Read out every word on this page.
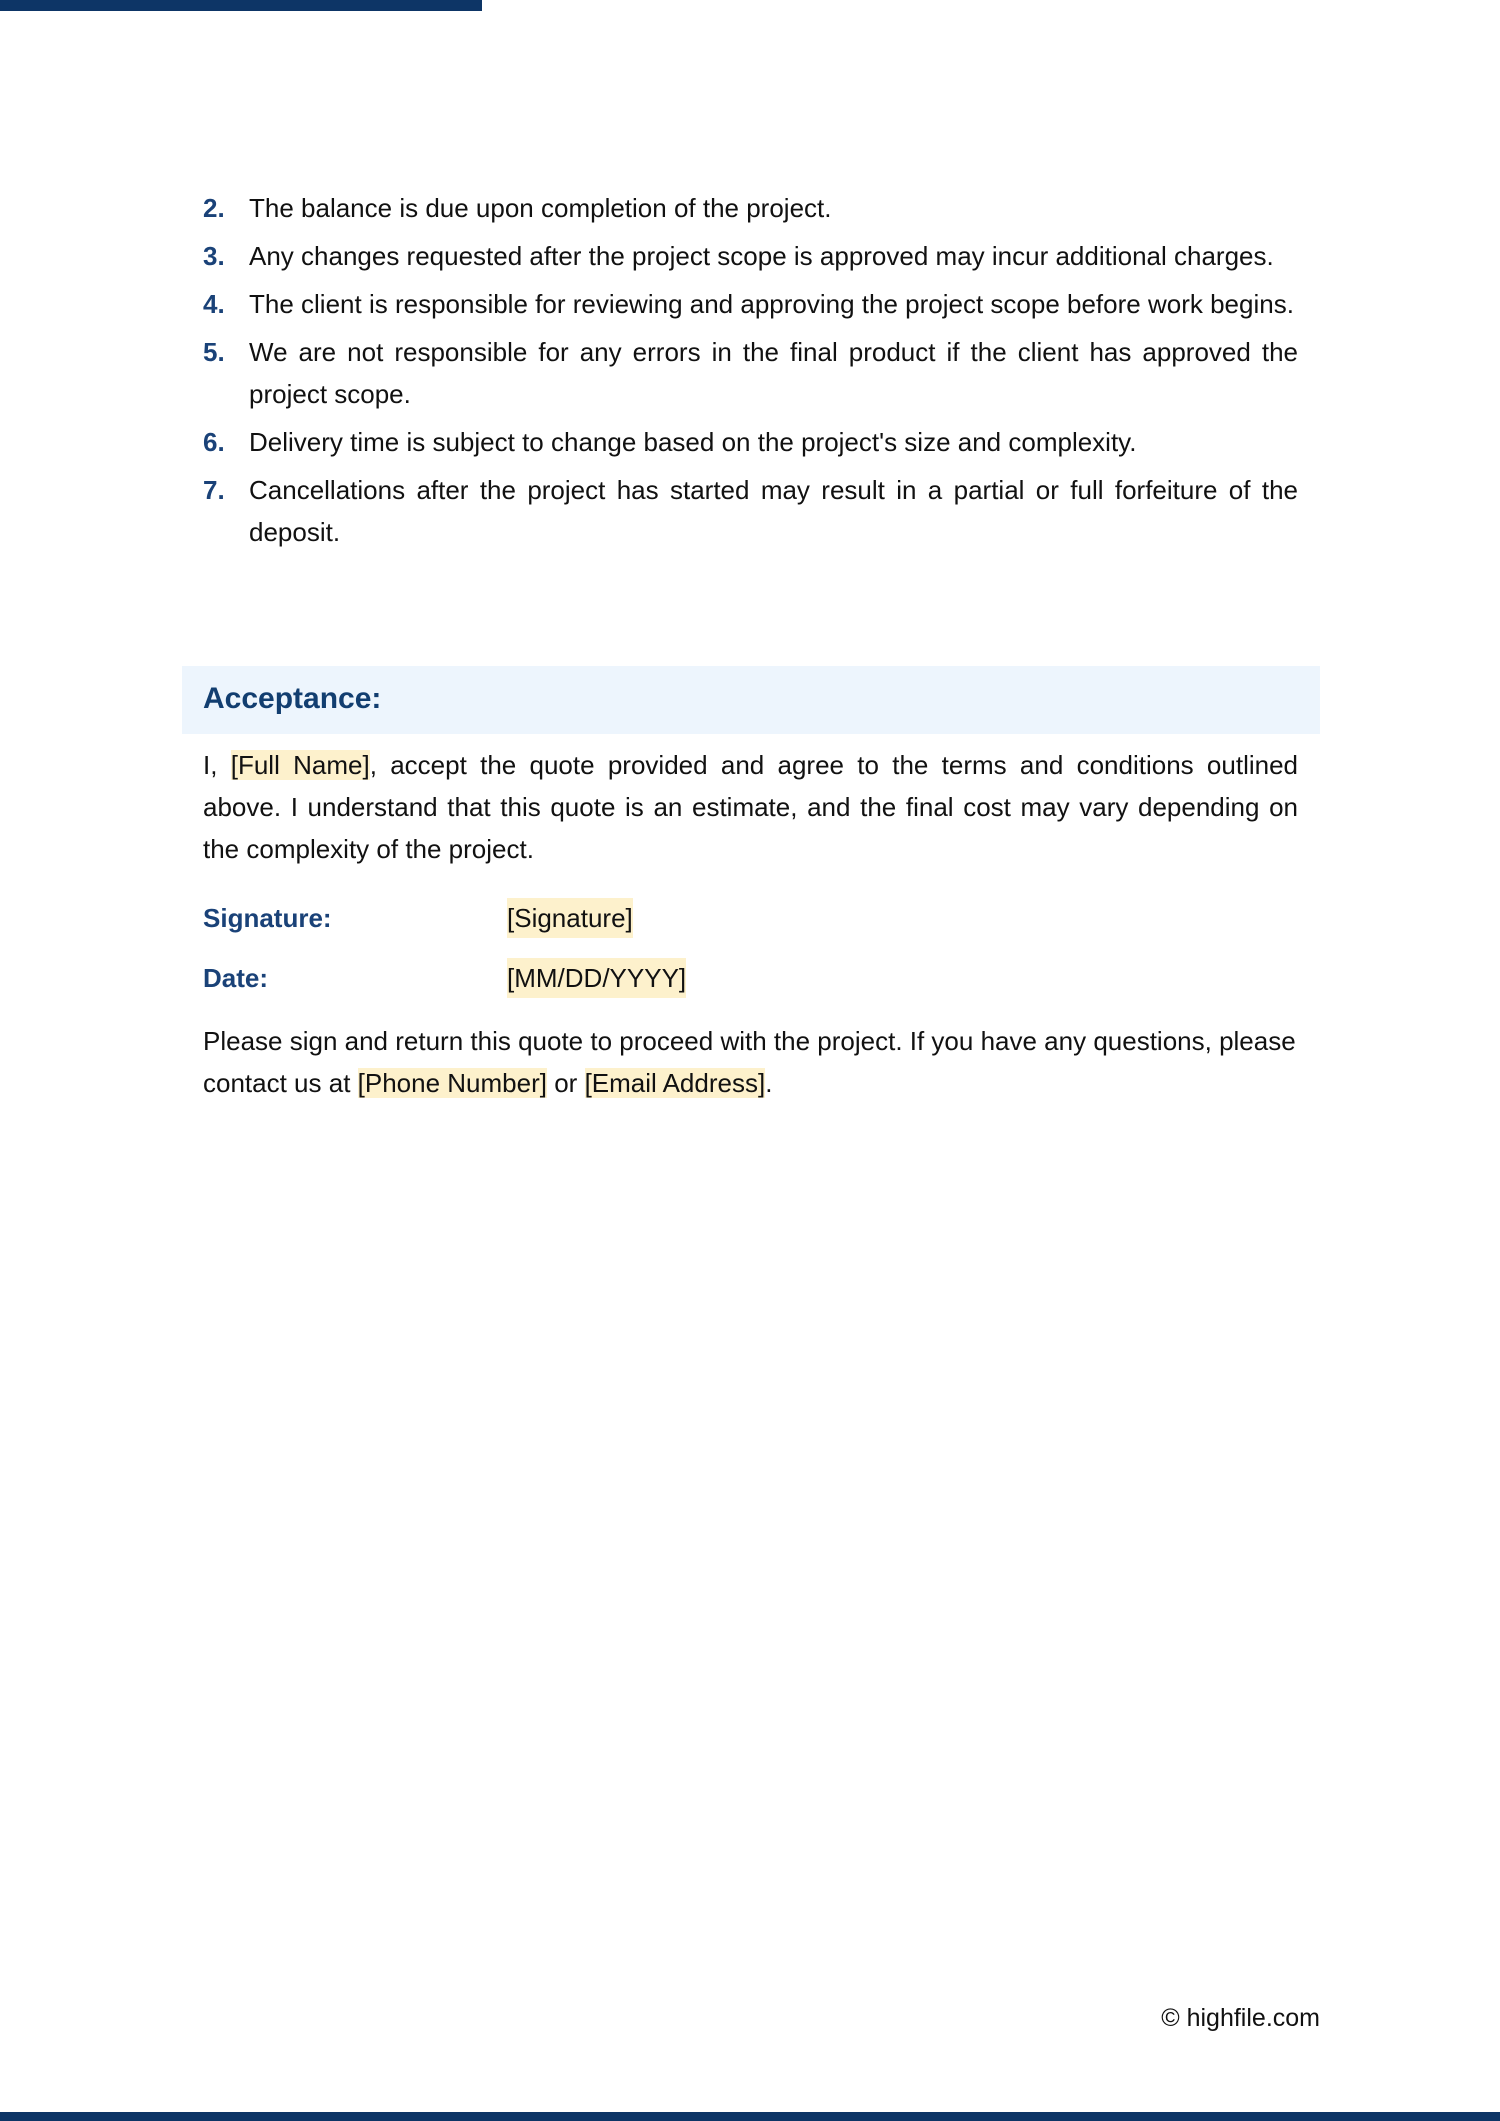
2. The balance is due upon completion of the project.
3. Any changes requested after the project scope is approved may incur additional charges.
4. The client is responsible for reviewing and approving the project scope before work begins.
5. We are not responsible for any errors in the final product if the client has approved the project scope.
6. Delivery time is subject to change based on the project's size and complexity.
7. Cancellations after the project has started may result in a partial or full forfeiture of the deposit.
Acceptance:

I, [Full Name], accept the quote provided and agree to the terms and conditions outlined above. I understand that this quote is an estimate, and the final cost may vary depending on the complexity of the project.

Signature:	[Signature]
Date:	[MM/DD/YYYY]

Please sign and return this quote to proceed with the project. If you have any questions, please contact us at [Phone Number] or [Email Address].

© highfile.com
